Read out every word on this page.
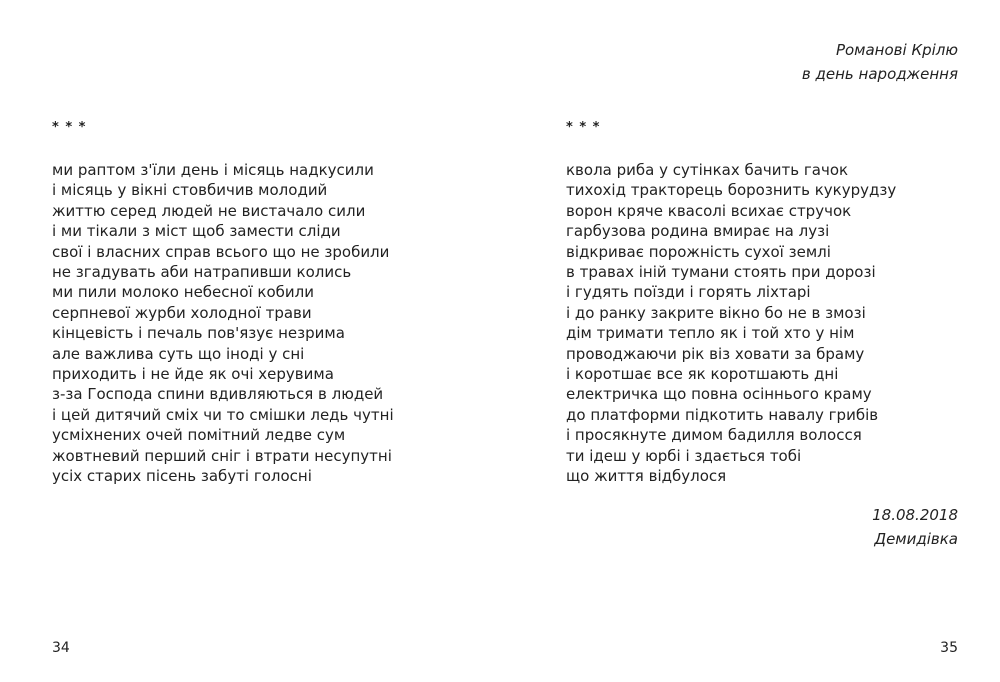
* * *
ми раптом з'їли день і місяць надкусили
і місяць у вікні стовбичив молодий
життю серед людей не вистачало сили
і ми тікали з міст щоб замести сліди
свої і власних справ всього що не зробили
не згадувать аби натрапивши колись
ми пили молоко небесної кобили
серпневої журби холодної трави
кінцевість і печаль пов'язує незрима
але важлива суть що іноді у сні
приходить і не йде як очі херувима
з-за Господа спини вдивляються в людей
і цей дитячий сміх чи то смішки ледь чутні
усміхнених очей помітний ледве сум
жовтневий перший сніг і втрати несупутні
усіх старих пісень забуті голосні
34
Романові Крілю
в день народження
* * *
квола риба у сутінках бачить гачок
тихохід тракторець борознить кукурудзу
ворон кряче квасолі всихає стручок
гарбузова родина вмирає на лузі
відкриває порожність сухої землі
в травах іній тумани стоять при дорозі
і гудять поїзди і горять ліхтарі
і до ранку закрите вікно бо не в змозі
дім тримати тепло як і той хто у нім
проводжаючи рік віз ховати за браму
і коротшає все як коротшають дні
електричка що повна осіннього краму
до платформи підкотить навалу грибів
і просякнуте димом бадилля волосся
ти ідеш у юрбі і здається тобі
що життя відбулося
18.08.2018
Демидівка
35
